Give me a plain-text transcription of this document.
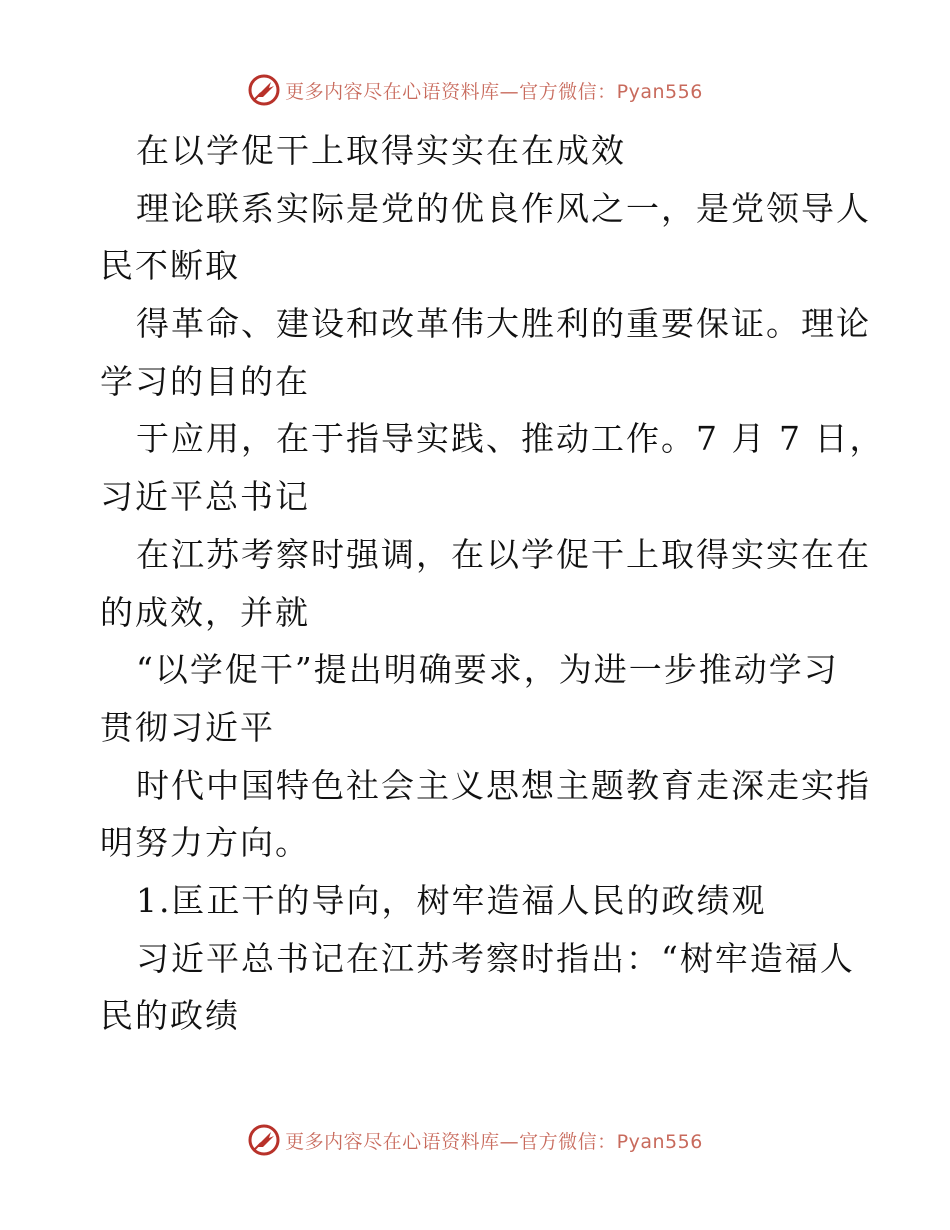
更多内容尽在心语资料库—官方微信：Pyan556
在以学促干上取得实实在在成效
理论联系实际是党的优良作风之一，是党领导人
民不断取
得革命、建设和改革伟大胜利的重要保证。理论
学习的目的在
于应用，在于指导实践、推动工作。7 月 7 日，
习近平总书记
在江苏考察时强调，在以学促干上取得实实在在
的成效，并就
“以学促干”提出明确要求，为进一步推动学习
贯彻习近平
时代中国特色社会主义思想主题教育走深走实指
明努力方向。
1.匡正干的导向，树牢造福人民的政绩观
习近平总书记在江苏考察时指出：“树牢造福人
民的政绩
更多内容尽在心语资料库—官方微信：Pyan556
